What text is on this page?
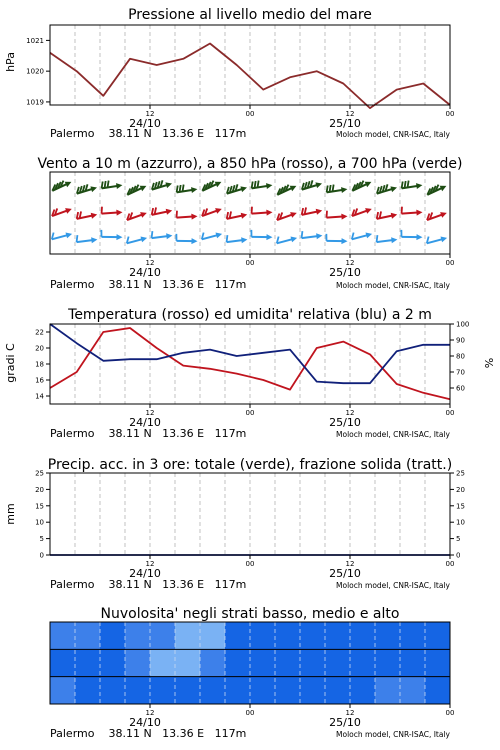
Pressione al livello medio del mare
hPa
1019
1020
1021
12	00	12	00
24/10	25/10
Palermo    38.11 N   13.36 E   117m	Moloch model, CNR-ISAC, Italy
Vento a 10 m (azzurro), a 850 hPa (rosso), a 700 hPa (verde)
12	00	12	00
24/10	25/10
Palermo    38.11 N   13.36 E   117m	Moloch model, CNR-ISAC, Italy
Temperatura (rosso) ed umidita' relativa (blu) a 2 m
gradi C	%
14
16
18
20
22
60
70
80
90
100
12	00	12	00
24/10	25/10
Palermo    38.11 N   13.36 E   117m	Moloch model, CNR-ISAC, Italy
Precip. acc. in 3 ore: totale (verde), frazione solida (tratt.)
mm
0
5
10
15
20
25
0
5
10
15
20
25
12	00	12	00
24/10	25/10
Palermo    38.11 N   13.36 E   117m	Moloch model, CNR-ISAC, Italy
Nuvolosita' negli strati basso, medio e alto
12	00	12	00
24/10	25/10
Palermo    38.11 N   13.36 E   117m	Moloch model, CNR-ISAC, Italy
